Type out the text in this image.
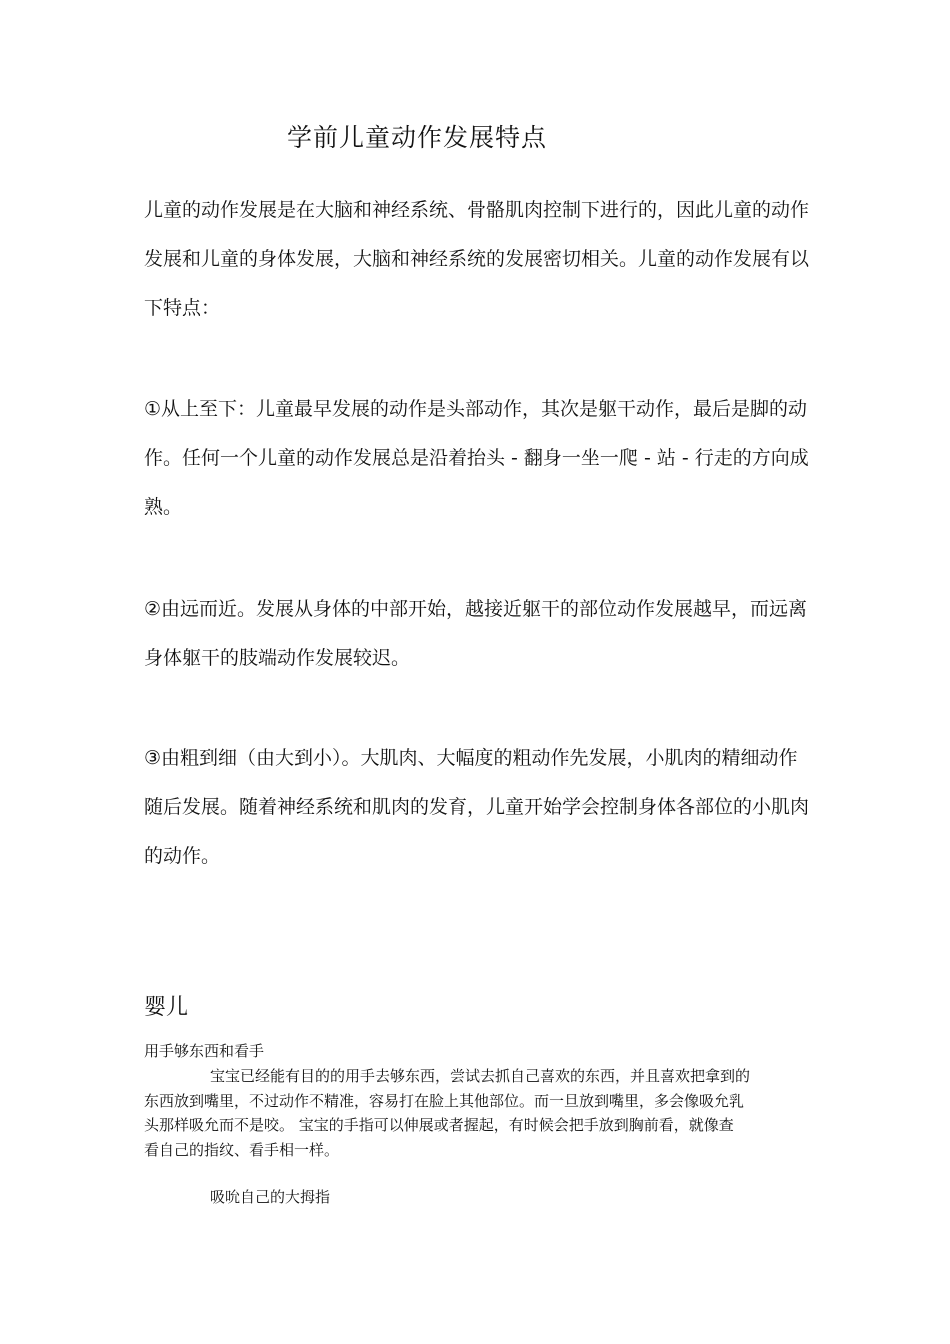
学前儿童动作发展特点
儿童的动作发展是在大脑和神经系统、骨骼肌肉控制下进行的，因此儿童的动作
发展和儿童的身体发展，大脑和神经系统的发展密切相关。儿童的动作发展有以
下特点：
①从上至下：儿童最早发展的动作是头部动作，其次是躯干动作，最后是脚的动
作。任何一个儿童的动作发展总是沿着抬头 - 翻身一坐一爬 - 站 - 行走的方向成
熟。
②由远而近。发展从身体的中部开始，越接近躯干的部位动作发展越早，而远离
身体躯干的肢端动作发展较迟。
③由粗到细（由大到小）。大肌肉、大幅度的粗动作先发展，小肌肉的精细动作
随后发展。随着神经系统和肌肉的发育，儿童开始学会控制身体各部位的小肌肉
的动作。
婴儿
用手够东西和看手
宝宝已经能有目的的用手去够东西，尝试去抓自己喜欢的东西，并且喜欢把拿到的
东西放到嘴里，不过动作不精准，容易打在脸上其他部位。而一旦放到嘴里，多会像吸允乳
头那样吸允而不是咬。 宝宝的手指可以伸展或者握起，有时候会把手放到胸前看，就像查
看自己的指纹、看手相一样。
吸吮自己的大拇指
